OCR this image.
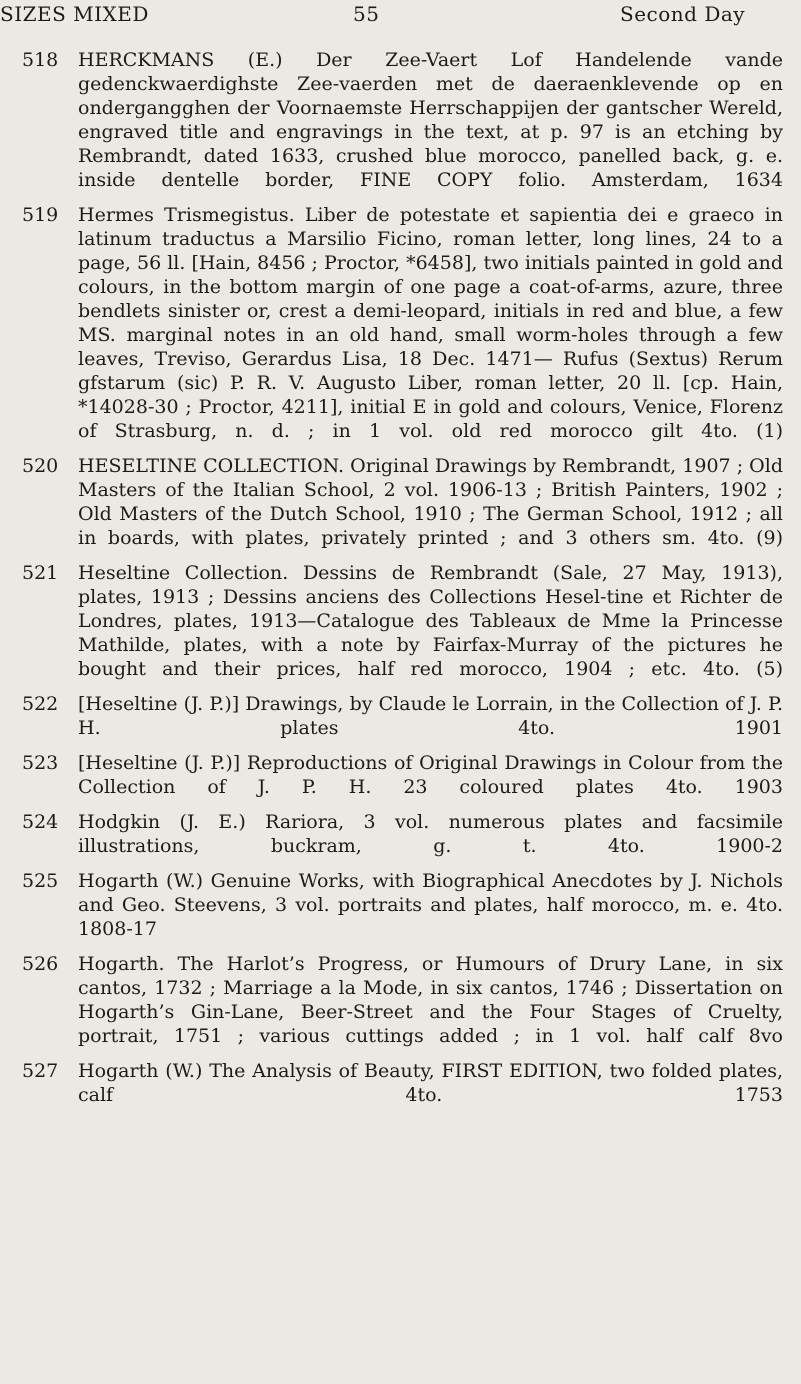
SIZES MIXED	55	Second Day
518 HERCKMANS (E.) Der Zee-Vaert Lof Handelende vande gedenckwaerdighste Zee-vaerden met de daeraenklevende op en ondergangghen der Voornaemste Herrschappijen der gantscher Wereld, engraved title and engravings in the text, at p. 97 is an etching by Rembrandt, dated 1633, crushed blue morocco, panelled back, g. e. inside dentelle border, FINE COPY folio. Amsterdam, 1634

519 Hermes Trismegistus. Liber de potestate et sapientia dei e graeco in latinum traductus a Marsilio Ficino, roman letter, long lines, 24 to a page, 56 ll. [Hain, 8456 ; Proctor, *6458], two initials painted in gold and colours, in the bottom margin of one page a coat-of-arms, azure, three bendlets sinister or, crest a demi-leopard, initials in red and blue, a few MS. marginal notes in an old hand, small worm-holes through a few leaves, Treviso, Gerardus Lisa, 18 Dec. 1471— Rufus (Sextus) Rerum gfstarum (sic) P. R. V. Augusto Liber, roman letter, 20 ll. [cp. Hain, *14028-30 ; Proctor, 4211], initial E in gold and colours, Venice, Florenz of Strasburg, n. d. ; in 1 vol. old red morocco gilt 4to. (1)

520 HESELTINE COLLECTION. Original Drawings by Rembrandt, 1907 ; Old Masters of the Italian School, 2 vol. 1906-13 ; British Painters, 1902 ; Old Masters of the Dutch School, 1910 ; The German School, 1912 ; all in boards, with plates, privately printed ; and 3 others sm. 4to. (9)

521 Heseltine Collection. Dessins de Rembrandt (Sale, 27 May, 1913), plates, 1913 ; Dessins anciens des Collections Hesel-tine et Richter de Londres, plates, 1913—Catalogue des Tableaux de Mme la Princesse Mathilde, plates, with a note by Fairfax-Murray of the pictures he bought and their prices, half red morocco, 1904 ; etc. 4to. (5)

522 [Heseltine (J. P.)] Drawings, by Claude le Lorrain, in the Collection of J. P. H. plates 4to. 1901

523 [Heseltine (J. P.)] Reproductions of Original Drawings in Colour from the Collection of J. P. H. 23 coloured plates 4to. 1903

524 Hodgkin (J. E.) Rariora, 3 vol. numerous plates and facsimile illustrations, buckram, g. t. 4to. 1900-2

525 Hogarth (W.) Genuine Works, with Biographical Anecdotes by J. Nichols and Geo. Steevens, 3 vol. portraits and plates, half morocco, m. e. 4to. 1808-17

526 Hogarth. The Harlot’s Progress, or Humours of Drury Lane, in six cantos, 1732 ; Marriage a la Mode, in six cantos, 1746 ; Dissertation on Hogarth’s Gin-Lane, Beer-Street and the Four Stages of Cruelty, portrait, 1751 ; various cuttings added ; in 1 vol. half calf 8vo

527 Hogarth (W.) The Analysis of Beauty, FIRST EDITION, two folded plates, calf 4to. 1753
